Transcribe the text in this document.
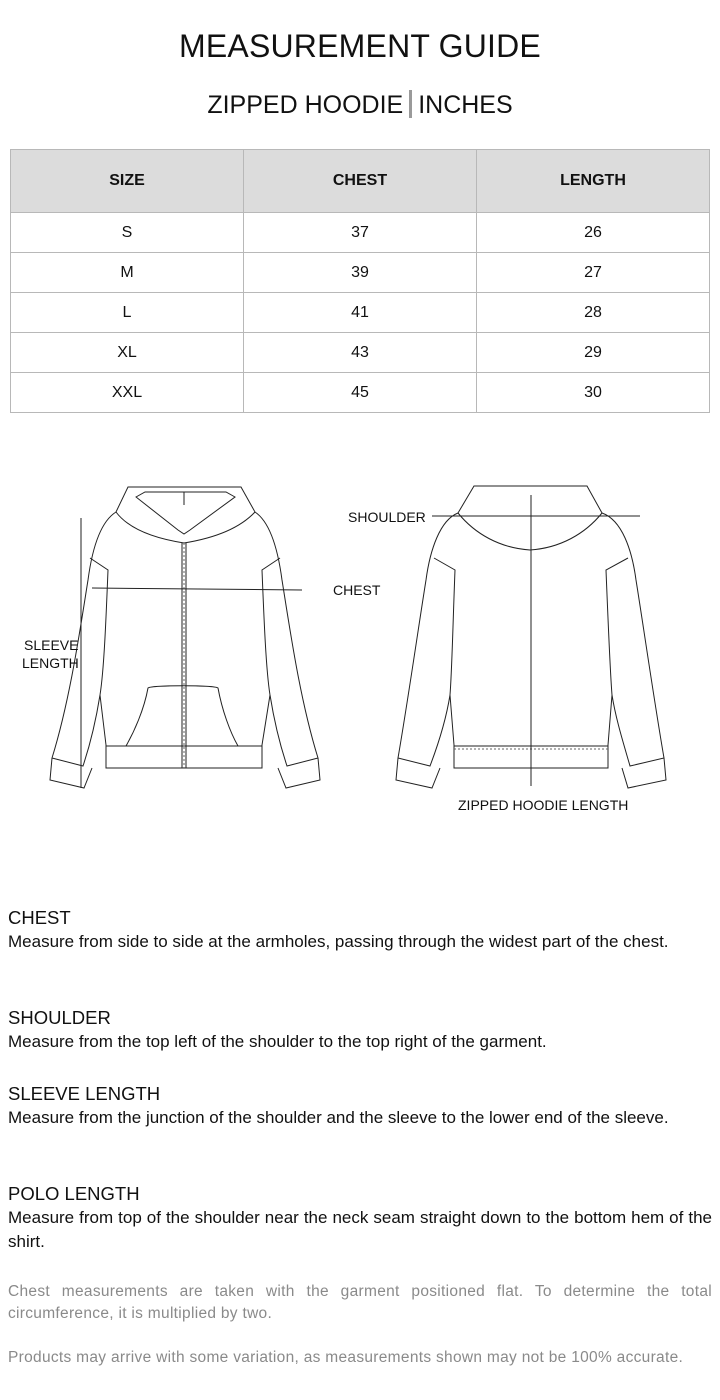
MEASUREMENT GUIDE
ZIPPED HOODIE INCHES
SIZE	CHEST	LENGTH
S	37	26
M	39	27
L	41	28
XL	43	29
XXL	45	30
SHOULDER
CHEST
SLEEVE
LENGTH
ZIPPED HOODIE LENGTH
CHEST

Measure from side to side at the armholes, passing through the widest part of the chest.

SHOULDER

Measure from the top left of the shoulder to the top right of the garment.

SLEEVE LENGTH

Measure from the junction of the shoulder and the sleeve to the lower end of the sleeve.

POLO LENGTH

Measure from top of the shoulder near the neck seam straight down to the bottom hem of the shirt.

Chest measurements are taken with the garment positioned flat. To determine the total circumference, it is multiplied by two.

Products may arrive with some variation, as measurements shown may not be 100% accurate.
